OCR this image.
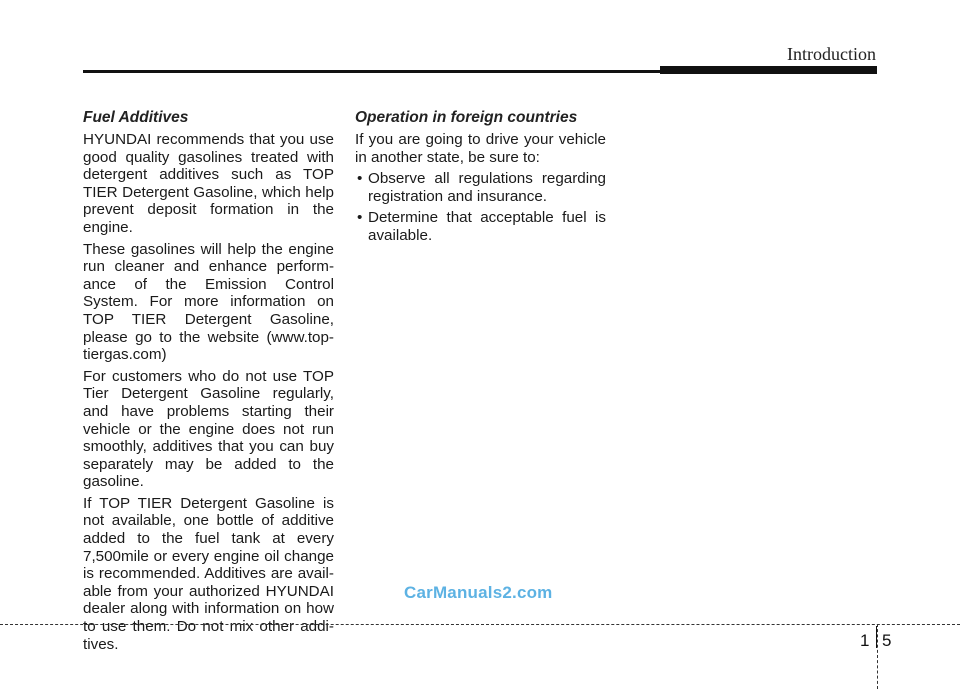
Introduction
Fuel Additives

HYUNDAI recommends that you use good quality gasolines treated with detergent additives such as TOP TIER Detergent Gasoline, which help prevent deposit formation in the engine.

These gasolines will help the engine run cleaner and enhance perform- ance of the Emission Control System. For more information on TOP TIER Detergent Gasoline, please go to the website (www.top- tiergas.com)

For customers who do not use TOP Tier Detergent Gasoline regularly, and have problems starting their vehicle or the engine does not run smoothly, additives that you can buy separately may be added to the gasoline.

If TOP TIER Detergent Gasoline is not available, one bottle of additive added to the fuel tank at every 7,500mile or every engine oil change is recommended. Additives are avail- able from your authorized HYUNDAI dealer along with information on how to use them. Do not mix other addi- tives.

Operation in foreign countries

If you are going to drive your vehicle in another state, be sure to:

• Observe all regulations regarding registration and insurance.
• Determine that acceptable fuel is available.
CarManuals2.com
1 5
